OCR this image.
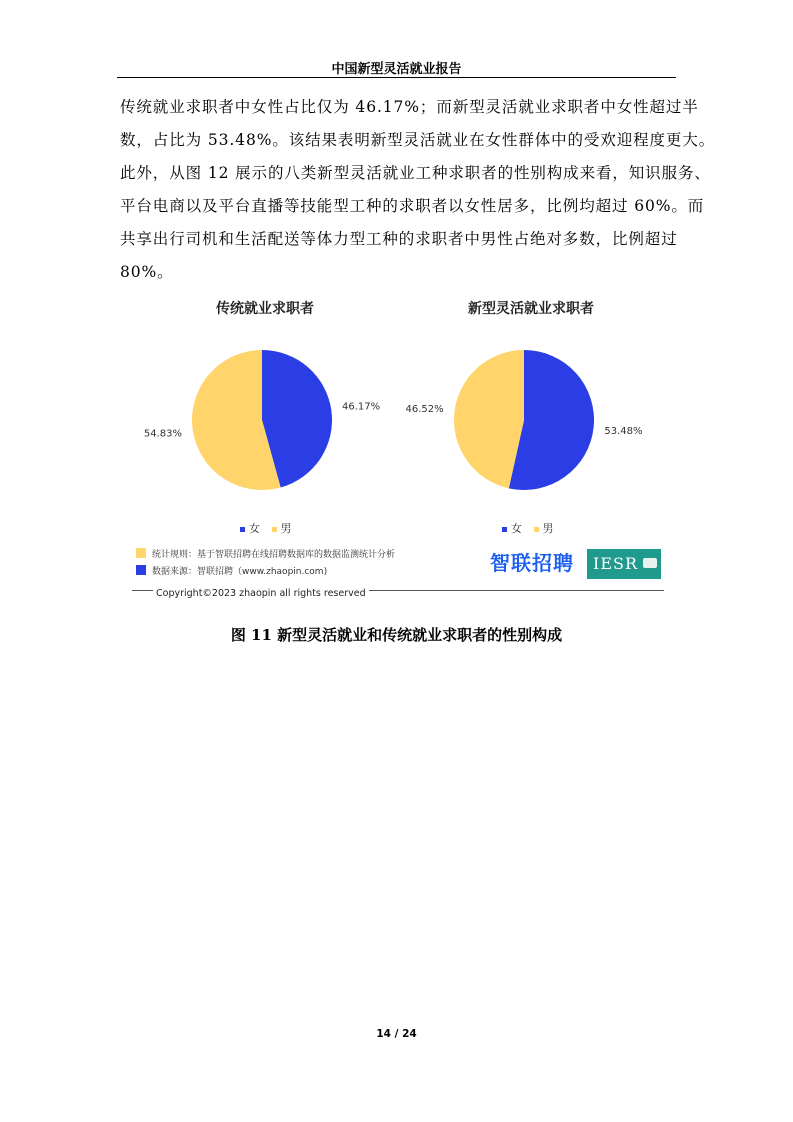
中国新型灵活就业报告
传统就业求职者中女性占比仅为 46.17%；而新型灵活就业求职者中女性超过半
数，占比为 53.48%。该结果表明新型灵活就业在女性群体中的受欢迎程度更大。
此外，从图 12 展示的八类新型灵活就业工种求职者的性别构成来看，知识服务、
平台电商以及平台直播等技能型工种的求职者以女性居多，比例均超过 60%。而
共享出行司机和生活配送等体力型工种的求职者中男性占绝对多数，比例超过
80%。
46.17%
54.83%	53.48%
46.52%
传统就业求职者	新型灵活就业求职者
女 男	女 男
统计规则：基于智联招聘在线招聘数据库的数据监测统计分析
数据来源：智联招聘（www.zhaopin.com)	智联招聘	IESR
Copyright©2023 zhaopin all rights reserved
图 11 新型灵活就业和传统就业求职者的性别构成
14 / 24
